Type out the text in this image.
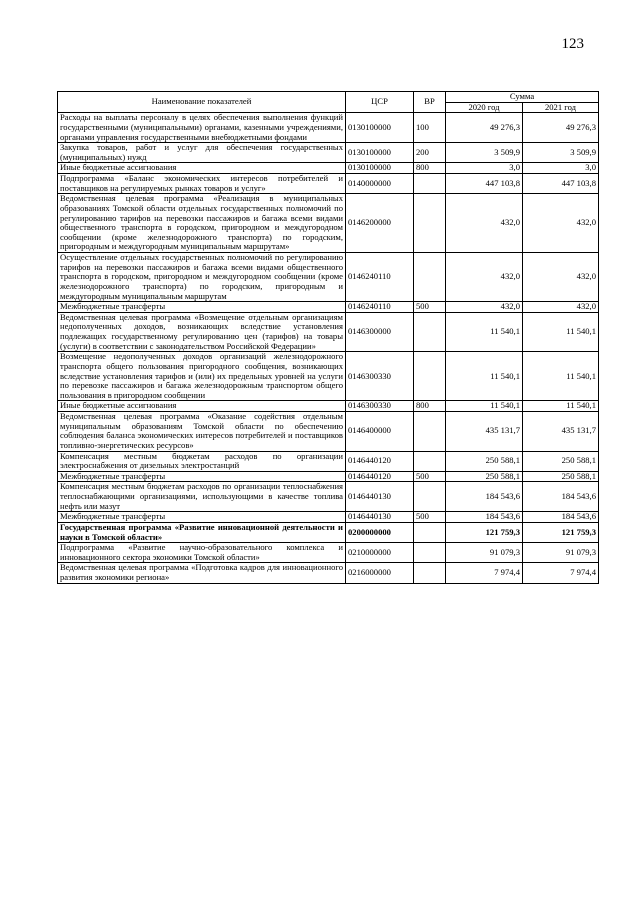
123
Наименование показателей	ЦСР	ВР	Сумма	
			2020 год	2021 год
Расходы на выплаты персоналу в целях обеспечения выполнения функций государственными (муниципальными) органами, казенными учреждениями, органами управления государственными внебюджетными фондами	0130100000	100	49 276,3	49 276,3
Закупка товаров, работ и услуг для обеспечения государственных (муниципальных) нужд	0130100000	200	3 509,9	3 509,9
Иные бюджетные ассигнования	0130100000	800	3,0	3,0
Подпрограмма «Баланс экономических интересов потребителей и поставщиков на регулируемых рынках товаров и услуг»	0140000000		447 103,8	447 103,8
Ведомственная целевая программа «Реализация в муниципальных образованиях Томской области отдельных государственных полномочий по регулированию тарифов на перевозки пассажиров и багажа всеми видами общественного транспорта в городском, пригородном и междугородном сообщении (кроме железнодорожного транспорта) по городским, пригородным и междугородным муниципальным маршрутам»	0146200000		432,0	432,0
Осуществление отдельных государственных полномочий по регулированию тарифов на перевозки пассажиров и багажа всеми видами общественного транспорта в городском, пригородном и междугородном сообщении (кроме железнодорожного транспорта) по городским, пригородным и междугородным муниципальным маршрутам	0146240110		432,0	432,0
Межбюджетные трансферты	0146240110	500	432,0	432,0
Ведомственная целевая программа «Возмещение отдельным организациям недополученных доходов, возникающих вследствие установления подлежащих государственному регулированию цен (тарифов) на товары (услуги) в соответствии с законодательством Российской Федерации»	0146300000		11 540,1	11 540,1
Возмещение недополученных доходов организаций железнодорожного транспорта общего пользования пригородного сообщения, возникающих вследствие установления тарифов и (или) их предельных уровней на услуги по перевозке пассажиров и багажа железнодорожным транспортом общего пользования в пригородном сообщении	0146300330		11 540,1	11 540,1
Иные бюджетные ассигнования	0146300330	800	11 540,1	11 540,1
Ведомственная целевая программа «Оказание содействия отдельным муниципальным образованиям Томской области по обеспечению соблюдения баланса экономических интересов потребителей и поставщиков топливно-энергетических ресурсов»	0146400000		435 131,7	435 131,7
Компенсация местным бюджетам расходов по организации электроснабжения от дизельных электростанций	0146440120		250 588,1	250 588,1
Межбюджетные трансферты	0146440120	500	250 588,1	250 588,1
Компенсация местным бюджетам расходов по организации теплоснабжения теплоснабжающими организациями, использующими в качестве топлива нефть или мазут	0146440130		184 543,6	184 543,6
Межбюджетные трансферты	0146440130	500	184 543,6	184 543,6
Государственная программа «Развитие инновационной деятельности и науки в Томской области»	0200000000		121 759,3	121 759,3
Подпрограмма «Развитие научно-образовательного комплекса и инновационного сектора экономики Томской области»	0210000000		91 079,3	91 079,3
Ведомственная целевая программа «Подготовка кадров для инновационного развития экономики региона»	0216000000		7 974,4	7 974,4
